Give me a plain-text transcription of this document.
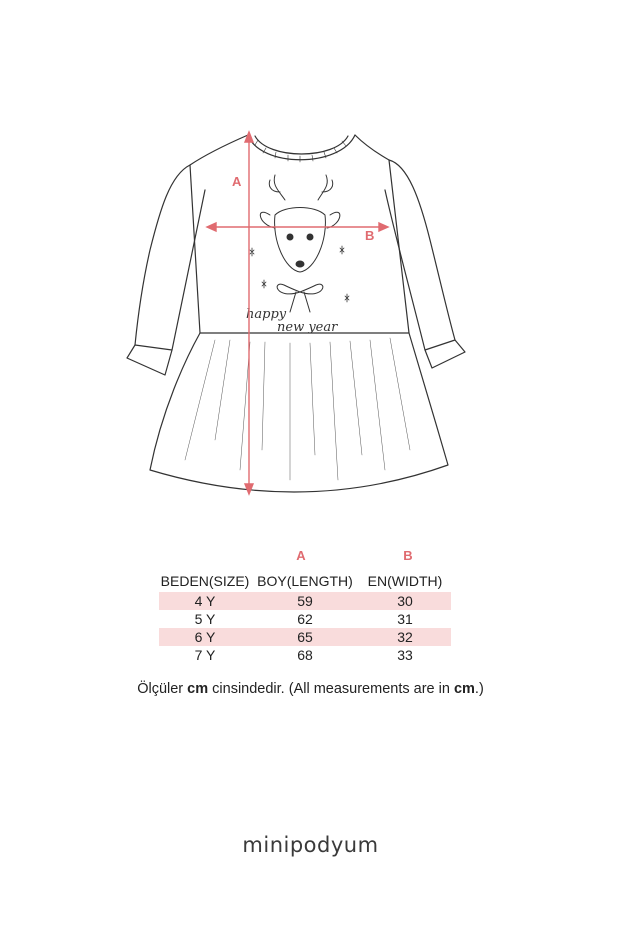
happy
new year
A
B
A	B
BEDEN(SIZE)	BOY(LENGTH)	EN(WIDTH)
4 Y	59	30
5 Y	62	31
6 Y	65	32
7 Y	68	33
Ölçüler cm cinsindedir. (All measurements are in cm.)
minipodyum
